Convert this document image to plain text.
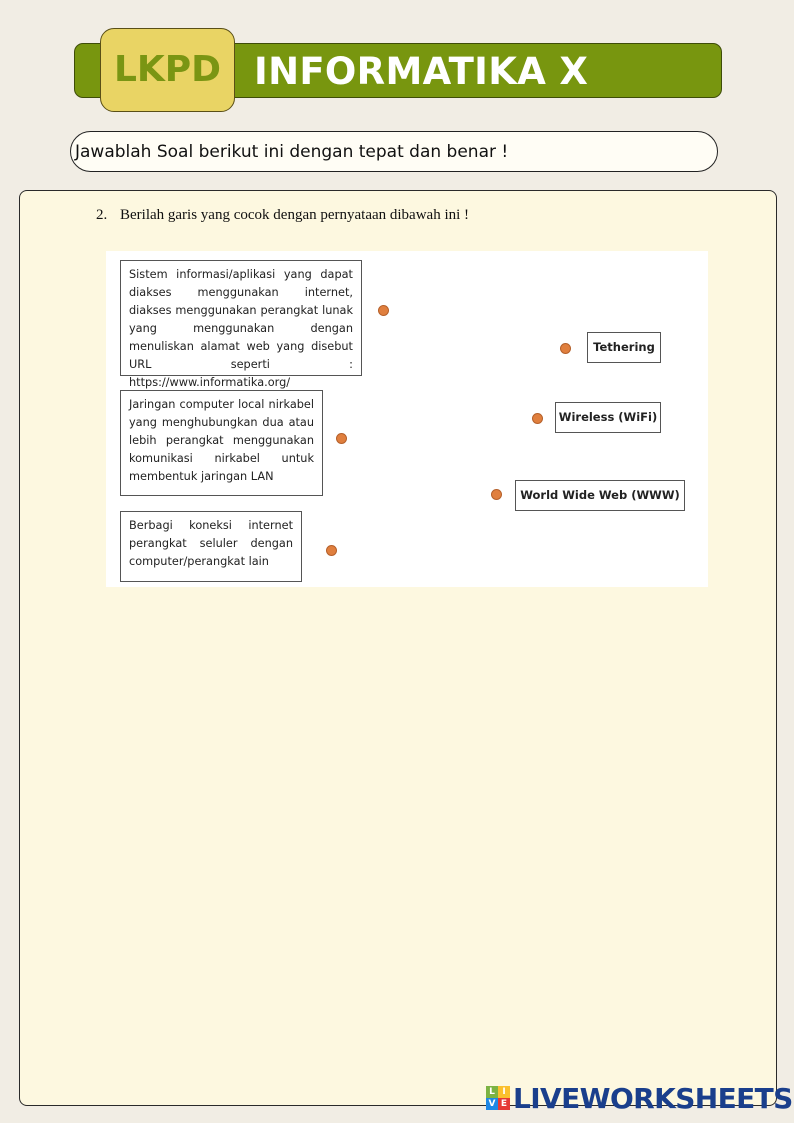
INFORMATIKA X
LKPD
Jawablah Soal berikut ini dengan tepat dan benar !
2. Berilah garis yang cocok dengan pernyataan dibawah ini !
Sistem informasi/aplikasi yang dapat diakses menggunakan internet, diakses menggunakan perangkat lunak yang menggunakan dengan menuliskan alamat web yang disebut URL seperti : https://www.informatika.org/
Jaringan computer local nirkabel yang menghubungkan dua atau lebih perangkat menggunakan komunikasi nirkabel untuk membentuk jaringan LAN
Berbagi koneksi internet perangkat seluler dengan computer/perangkat lain
Tethering
Wireless (WiFi)
World Wide Web (WWW)
L I
V E LIVEWORKSHEETS
